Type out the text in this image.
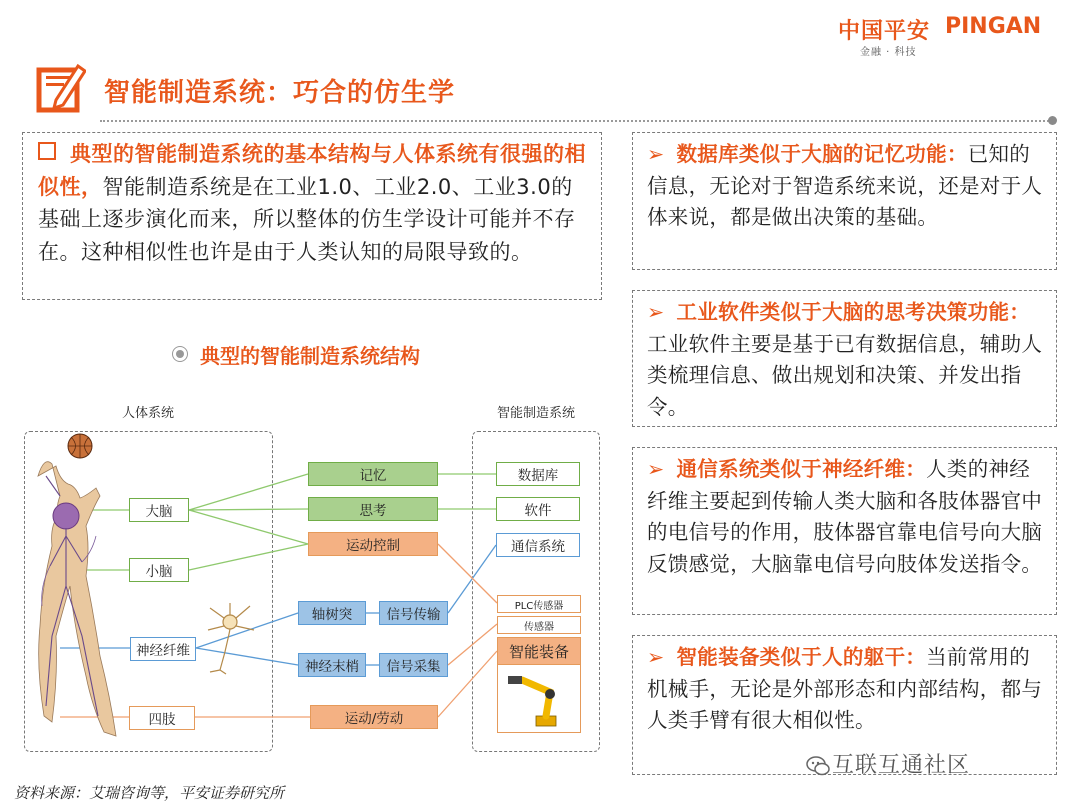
中国平安 PINGAN
金融 · 科技
智能制造系统：巧合的仿生学
典型的智能制造系统的基本结构与人体系统有很强的相似性，智能制造系统是在工业1.0、工业2.0、工业3.0的基础上逐步演化而来，所以整体的仿生学设计可能并不存在。这种相似性也许是由于人类认知的局限导致的。
➢ 数据库类似于大脑的记忆功能：已知的信息，无论对于智造系统来说，还是对于人体来说，都是做出决策的基础。
➢ 工业软件类似于大脑的思考决策功能：工业软件主要是基于已有数据信息，辅助人类梳理信息、做出规划和决策、并发出指令。
➢ 通信系统类似于神经纤维：人类的神经纤维主要起到传输人类大脑和各肢体器官中的电信号的作用，肢体器官靠电信号向大脑反馈感觉，大脑靠电信号向肢体发送指令。
➢ 智能装备类似于人的躯干：当前常用的机械手，无论是外部形态和内部结构，都与人类手臂有很大相似性。
典型的智能制造系统结构
人体系统	智能制造系统
大脑
小脑
神经纤维
四肢
记忆
思考
运动控制
运动/劳动
轴树突	信号传输
神经末梢	信号采集
数据库
软件
通信系统
PLC传感器
传感器
智能装备
资料来源：艾瑞咨询等，平安证券研究所
互联互通社区
